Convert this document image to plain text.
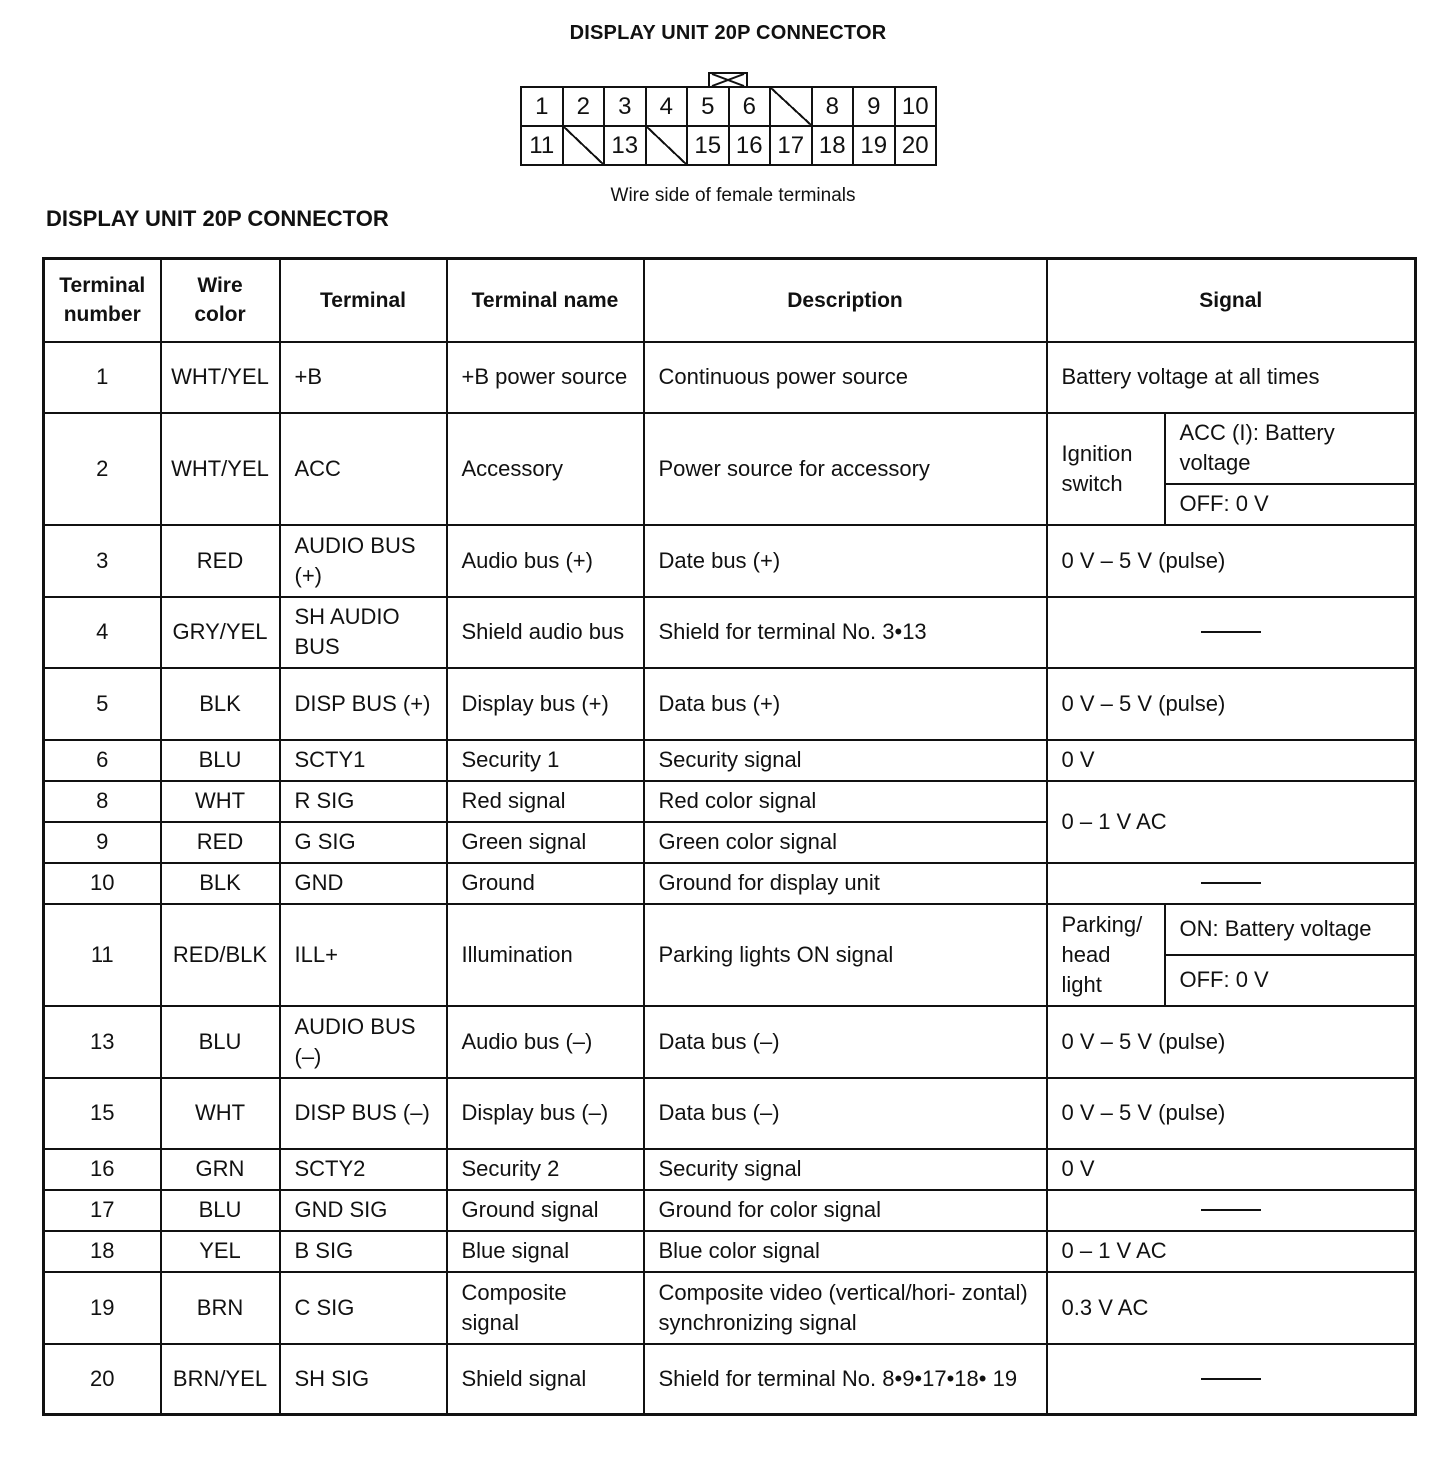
DISPLAY UNIT 20P CONNECTOR
1	2	3	4	5	6		8	9	10
11		13		15	16	17	18	19	20
Wire side of female terminals
DISPLAY UNIT 20P CONNECTOR
Terminal number	Wire color	Terminal	Terminal name	Description	Signal	
1	WHT/YEL	+B	+B power source	Continuous power source	Battery voltage at all times	
2	WHT/YEL	ACC	Accessory	Power source for accessory	Ignition switch	ACC (I): Battery voltage
						OFF: 0 V
3	RED	AUDIO BUS (+)	Audio bus (+)	Date bus (+)	0 V – 5 V (pulse)	
4	GRY/YEL	SH AUDIO BUS	Shield audio bus	Shield for terminal No. 3•13		

5	BLK	DISP BUS (+)	Display bus (+)	Data bus (+)	0 V – 5 V (pulse)	
6	BLU	SCTY1	Security 1	Security signal	0 V	
8	WHT	R SIG	Red signal	Red color signal	0 – 1 V AC	
9	RED	G SIG	Green signal	Green color signal		
10	BLK	GND	Ground	Ground for display unit		

11	RED/BLK	ILL+	Illumination	Parking lights ON signal	Parking/ head light	ON: Battery voltage
						OFF: 0 V
13	BLU	AUDIO BUS (–)	Audio bus (–)	Data bus (–)	0 V – 5 V (pulse)	
15	WHT	DISP BUS (–)	Display bus (–)	Data bus (–)	0 V – 5 V (pulse)	
16	GRN	SCTY2	Security 2	Security signal	0 V	
17	BLU	GND SIG	Ground signal	Ground for color signal		

18	YEL	B SIG	Blue signal	Blue color signal	0 – 1 V AC	
19	BRN	C SIG	Composite signal	Composite video (vertical/hori- zontal) synchronizing signal	0.3 V AC	
20	BRN/YEL	SH SIG	Shield signal	Shield for terminal No. 8•9•17•18• 19		
